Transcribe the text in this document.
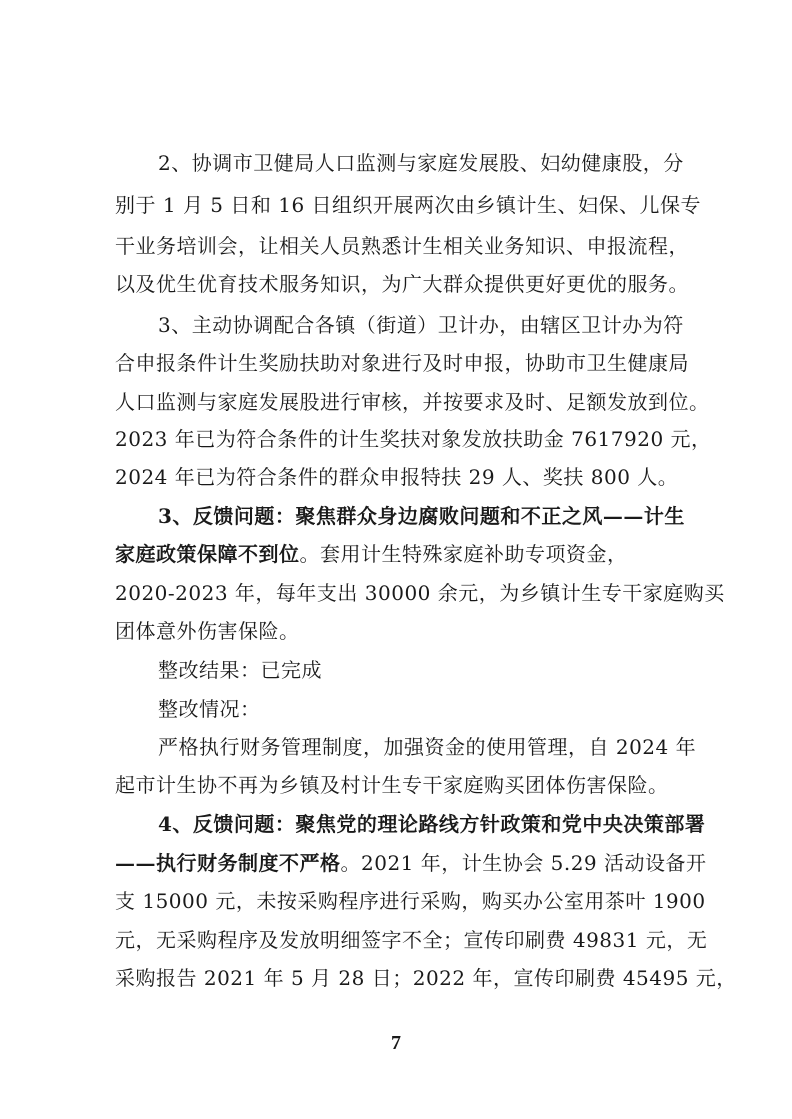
2、协调市卫健局人口监测与家庭发展股、妇幼健康股，分
别于 1 月 5 日和 16 日组织开展两次由乡镇计生、妇保、儿保专
干业务培训会，让相关人员熟悉计生相关业务知识、申报流程，
以及优生优育技术服务知识，为广大群众提供更好更优的服务。
3、主动协调配合各镇（街道）卫计办，由辖区卫计办为符
合申报条件计生奖励扶助对象进行及时申报，协助市卫生健康局
人口监测与家庭发展股进行审核，并按要求及时、足额发放到位。
2023 年已为符合条件的计生奖扶对象发放扶助金 7617920 元，
2024 年已为符合条件的群众申报特扶 29 人、奖扶 800 人。
3、反馈问题：聚焦群众身边腐败问题和不正之风——计生
家庭政策保障不到位。套用计生特殊家庭补助专项资金，
2020-2023 年，每年支出 30000 余元，为乡镇计生专干家庭购买
团体意外伤害保险。
整改结果：已完成
整改情况：
严格执行财务管理制度，加强资金的使用管理，自 2024 年
起市计生协不再为乡镇及村计生专干家庭购买团体伤害保险。
4、反馈问题：聚焦党的理论路线方针政策和党中央决策部署
——执行财务制度不严格。2021 年，计生协会 5.29 活动设备开
支 15000 元，未按采购程序进行采购，购买办公室用茶叶 1900
元，无采购程序及发放明细签字不全；宣传印刷费 49831 元，无
采购报告 2021 年 5 月 28 日；2022 年，宣传印刷费 45495 元，
7
